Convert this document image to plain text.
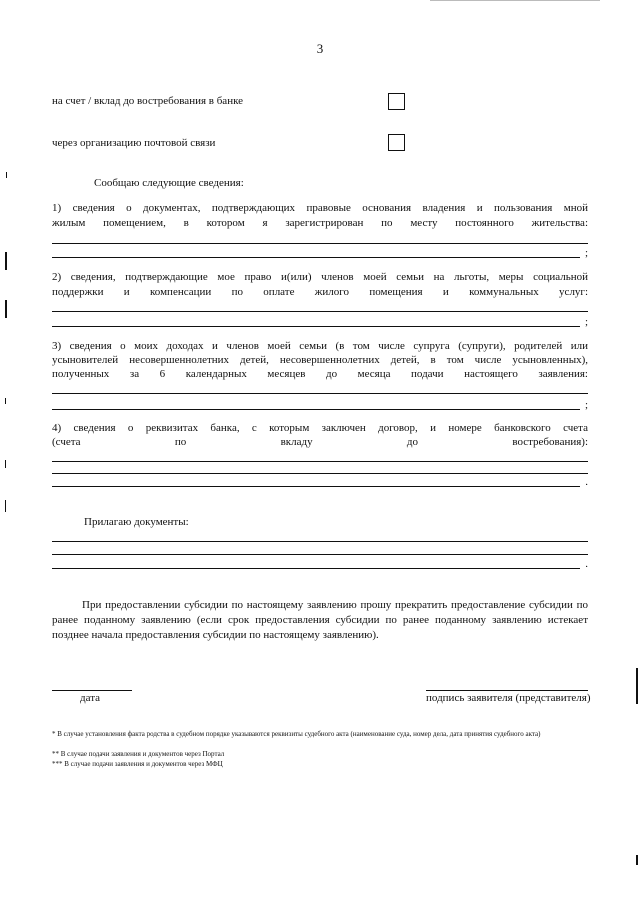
3
на счет / вклад до востребования в банке
через организацию почтовой связи
Сообщаю следующие сведения:
1) сведения о документах, подтверждающих правовые основания владения и пользования мной
жилым помещением, в котором я зарегистрирован по месту постоянного жительства:
;
2) сведения, подтверждающие мое право и(или) членов моей семьи на льготы, меры социальной
поддержки и компенсации по оплате жилого помещения и коммунальных услуг:
;
3) сведения о моих доходах и членов моей семьи (в том числе супруга (супруги), родителей или
усыновителей несовершеннолетних детей, несовершеннолетних детей, в том числе усыновленных),
полученных за 6 календарных месяцев до месяца подачи настоящего заявления:
;
4) сведения о реквизитах банка, с которым заключен договор, и номере банковского счета
(счета по вкладу до востребования):
.
Прилагаю документы:
.
При предоставлении субсидии по настоящему заявлению прошу прекратить предоставление субсидии по ранее поданному заявлению (если срок предоставления субсидии по ранее поданному заявлению истекает позднее начала предоставления субсидии по настоящему заявлению).
дата	подпись заявителя (представителя)
* В случае установления факта родства в судебном порядке указываются реквизиты судебного акта (наименование суда, номер дела, дата принятия судебного акта)
** В случае подачи заявления и документов через Портал
*** В случае подачи заявления и документов через МФЦ
